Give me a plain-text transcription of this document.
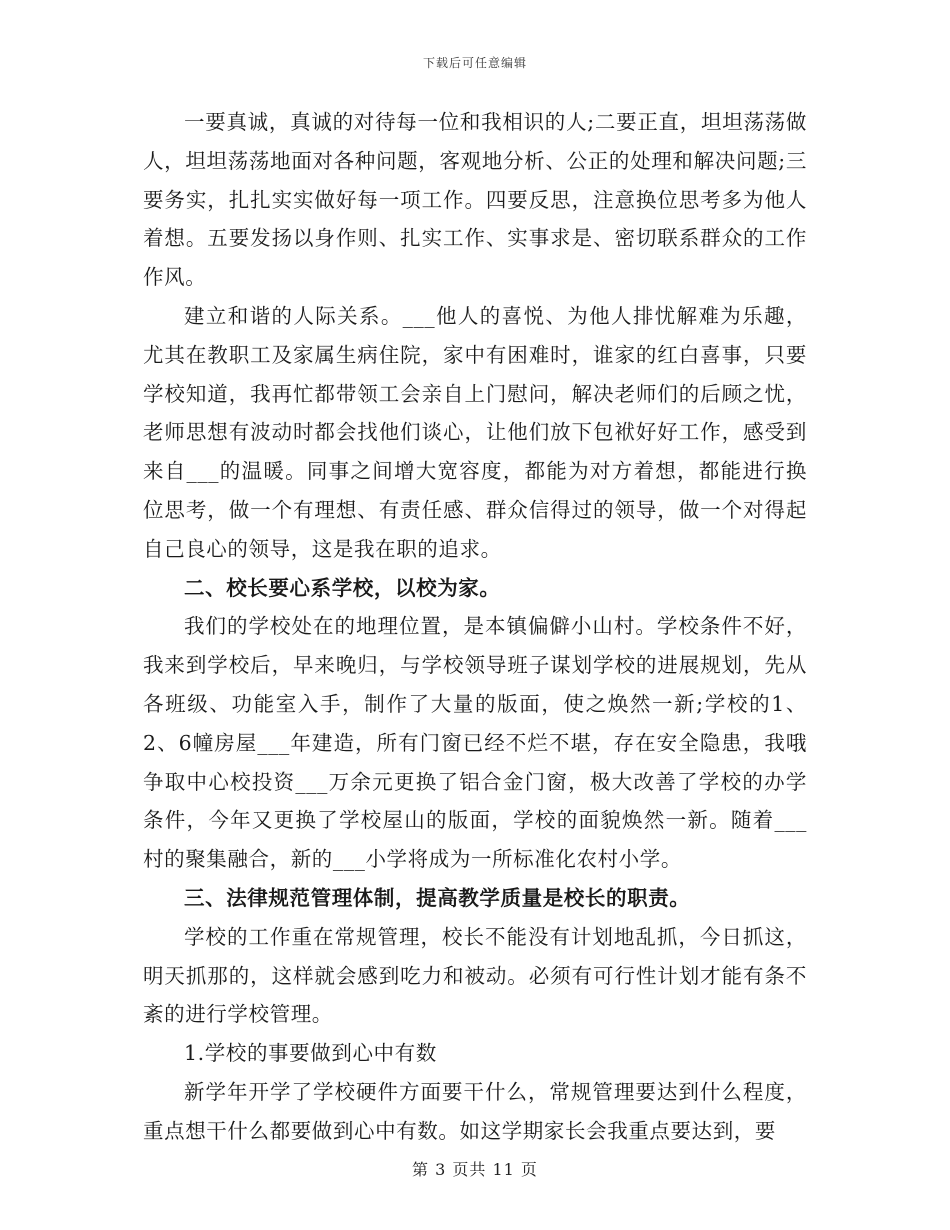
下载后可任意编辑

一要真诚，真诚的对待每一位和我相识的人;二要正直，坦坦荡荡做人，坦坦荡荡地面对各种问题，客观地分析、公正的处理和解决问题;三要务实，扎扎实实做好每一项工作。四要反思，注意换位思考多为他人着想。五要发扬以身作则、扎实工作、实事求是、密切联系群众的工作作风。

建立和谐的人际关系。___他人的喜悦、为他人排忧解难为乐趣，尤其在教职工及家属生病住院，家中有困难时，谁家的红白喜事，只要学校知道，我再忙都带领工会亲自上门慰问，解决老师们的后顾之忧，老师思想有波动时都会找他们谈心，让他们放下包袱好好工作，感受到来自___的温暖。同事之间增大宽容度，都能为对方着想，都能进行换位思考，做一个有理想、有责任感、群众信得过的领导，做一个对得起自己良心的领导，这是我在职的追求。

二、校长要心系学校，以校为家。

我们的学校处在的地理位置，是本镇偏僻小山村。学校条件不好，我来到学校后，早来晚归，与学校领导班子谋划学校的进展规划，先从各班级、功能室入手，制作了大量的版面，使之焕然一新;学校的1、2、6幢房屋___年建造，所有门窗已经不烂不堪，存在安全隐患，我哦争取中心校投资___万余元更换了铝合金门窗，极大改善了学校的办学条件，今年又更换了学校屋山的版面，学校的面貌焕然一新。随着___村的聚集融合，新的___小学将成为一所标准化农村小学。

三、法律规范管理体制，提高教学质量是校长的职责。

学校的工作重在常规管理，校长不能没有计划地乱抓，今日抓这，明天抓那的，这样就会感到吃力和被动。必须有可行性计划才能有条不紊的进行学校管理。

1.学校的事要做到心中有数

新学年开学了学校硬件方面要干什么，常规管理要达到什么程度，重点想干什么都要做到心中有数。如这学期家长会我重点要达到，要

第 3 页共 11 页
